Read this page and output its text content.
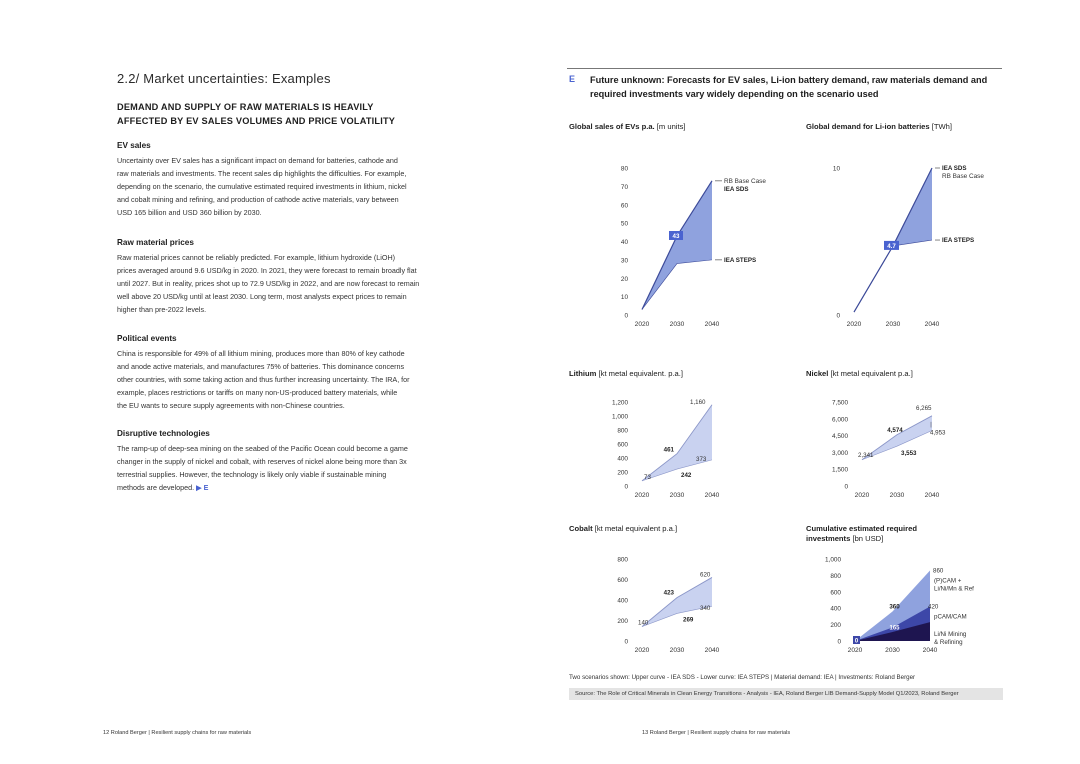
2.2/ Market uncertainties: Examples
DEMAND AND SUPPLY OF RAW MATERIALS IS HEAVILY AFFECTED BY EV SALES VOLUMES AND PRICE VOLATILITY
EV sales
Uncertainty over EV sales has a significant impact on demand for batteries, cathode and
raw materials and investments. The recent sales dip highlights the difficulties. For example,
depending on the scenario, the cumulative estimated required investments in lithium, nickel
and cobalt mining and refining, and production of cathode active materials, vary between
USD 165 billion and USD 360 billion by 2030.
Raw material prices
Raw material prices cannot be reliably predicted. For example, lithium hydroxide (LiOH)
prices averaged around 9.6 USD/kg in 2020. In 2021, they were forecast to remain broadly flat
until 2027. But in reality, prices shot up to 72.9 USD/kg in 2022, and are now forecast to remain
well above 20 USD/kg until at least 2030. Long term, most analysts expect prices to remain
higher than pre-2022 levels.
Political events
China is responsible for 49% of all lithium mining, produces more than 80% of key cathode
and anode active materials, and manufactures 75% of batteries. This dominance concerns
other countries, with some taking action and thus further increasing uncertainty. The IRA, for
example, places restrictions or tariffs on many non-US-produced battery materials, while
the EU wants to secure supply agreements with non-Chinese countries.
Disruptive technologies
The ramp-up of deep-sea mining on the seabed of the Pacific Ocean could become a game
changer in the supply of nickel and cobalt, with reserves of nickel alone being more than 3x
terrestrial supplies. However, the technology is likely only viable if sustainable mining
methods are developed. ▶ E
12 Roland Berger | Resilient supply chains for raw materials
E Future unknown: Forecasts for EV sales, Li-ion battery demand, raw materials demand and required investments vary widely depending on the scenario used
Global sales of EVs p.a. [m units]	Global demand for Li-ion batteries [TWh]
Lithium [kt metal equivalent. p.a.]	Nickel [kt metal equivalent p.a.]
Cobalt [kt metal equivalent p.a.]	Cumulative estimated required investments [bn USD]
0
10
20
30
40
50
60
70
80
2020	2030	2040
43
RB Base Case
IEA SDS
IEA STEPS
0
10
2020	2030	2040
4.7
IEA SDS
RB Base Case
IEA STEPS
0
200
400
600
800
1,000
1,200
2020	2030	2040
73
461
242
373
1,160
0
1,500
3,000
4,500
6,000
7,500
2020	2030	2040
2,341
4,574
3,553
6,265
4,953
0
200
400
600
800
2020	2030	2040
140
423
269
340
620
0
200
400
600
800
1,000
2020	2030	2040
0
360
165
860
420
(P)CAM +
Li/Ni/Mn & Ref
pCAM/CAM
Li/Ni Mining
& Refining
Two scenarios shown: Upper curve - IEA SDS - Lower curve: IEA STEPS | Material demand: IEA | Investments: Roland Berger
Source: The Role of Critical Minerals in Clean Energy Transitions - Analysis - IEA, Roland Berger LIB Demand-Supply Model Q1/2023, Roland Berger
13 Roland Berger | Resilient supply chains for raw materials
